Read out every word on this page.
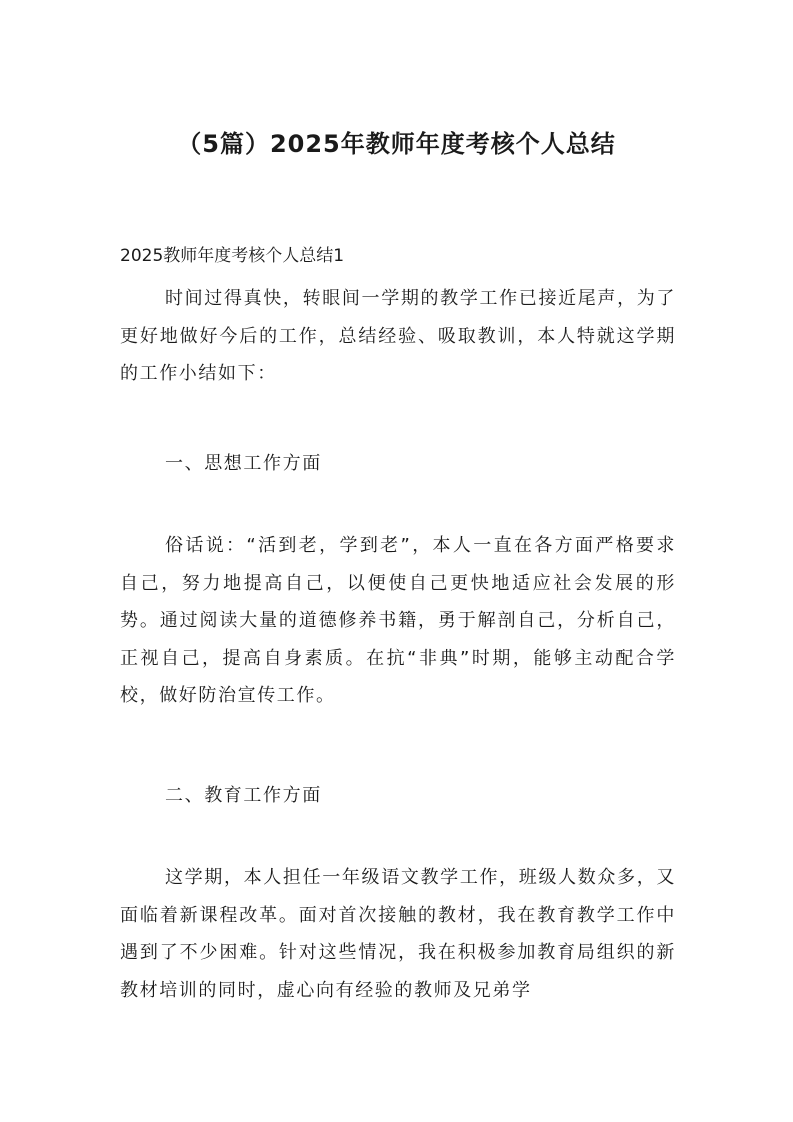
（5篇）2025年教师年度考核个人总结

2025教师年度考核个人总结1

时间过得真快，转眼间一学期的教学工作已接近尾声，为了更好地做好今后的工作，总结经验、吸取教训，本人特就这学期的工作小结如下：

一、思想工作方面

俗话说：“活到老，学到老”，本人一直在各方面严格要求自己，努力地提高自己，以便使自己更快地适应社会发展的形势。通过阅读大量的道德修养书籍，勇于解剖自己，分析自己，正视自己，提高自身素质。在抗“非典”时期，能够主动配合学校，做好防治宣传工作。

二、教育工作方面

这学期，本人担任一年级语文教学工作，班级人数众多，又面临着新课程改革。面对首次接触的教材，我在教育教学工作中遇到了不少困难。针对这些情况，我在积极参加教育局组织的新教材培训的同时，虚心向有经验的教师及兄弟学
